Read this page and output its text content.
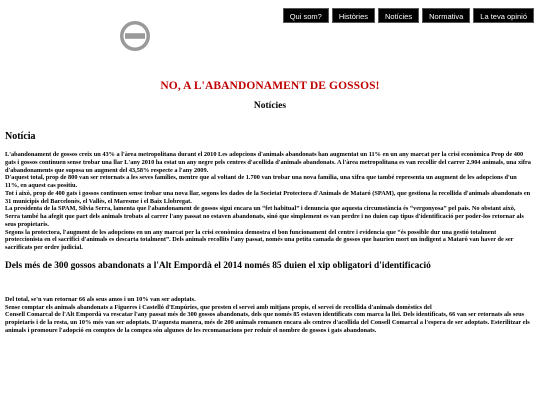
Qui som?	Històries	Notícies	Normativa	La teva opinió
NO, A L'ABANDONAMENT DE GOSSOS!
Notícies
Notícia
L'abandonament de gossos creix un 43% a l'àrea metropolitana durant el 2010 Les adopcions d'animals abandonats han augmentat un 11% en un any marcat per la crisi econòmica Prop de 400 gats i gossos continuen sense trobar una llar L'any 2010 ha estat un any negre pels centres d'acollida d'animals abandonats. A l'àrea metropolitana es van recollir del carrer 2.904 animals, una xifra d'abandonaments que suposa un augment del 43,58% respecte a l'any 2009.
D'aquest total, prop de 800 van ser retornats a les seves famílies, mentre que al voltant de 1.700 van trobar una nova família, una xifra que també representa un augment de les adopcions d'un 11%, en aquest cas positiu.
Tot i això, prop de 400 gats i gossos continuen sense trobar una nova llar, segons les dades de la Societat Protectora d'Animals de Mataró (SPAM), que gestiona la recollida d'animals abandonats en 31 municipis del Barcelonès, el Vallès, el Maresme i el Baix Llobregat.
La presidenta de la SPAM, Sílvia Serra, lamenta que l'abandonament de gossos sigui encara un “fet habitual” i denuncia que aquesta circumstància és “vergonyosa” pel país. No obstant això, Serra també ha afegit que part dels animals trobats al carrer l'any passat no estaven abandonats, sinó que simplement es van perdre i no duien cap tipus d'identificació per poder-los retornar als seus propietaris.
Segons la protectora, l'augment de les adopcions en un any marcat per la crisi econòmica demostra el bon funcionament del centre i evidencia que “és possible dur una gestió totalment proteccionista en el sacrifici d'animals es descarta totalment”. Dels animals recollits l'any passat, només una petita camada de gossos que haurien mort un indigent a Mataró van haver de ser sacrificats per ordre judicial.
Dels més de 300 gossos abandonats a l'Alt Empordà el 2014 només 85 duien el xip obligatori d'identificació
Del total, se'n van retornar 66 als seus amos i un 10% van ser adoptats.
Sense comptar els animals abandonats a Figueres i Castelló d'Empúries, que presten el servei amb mitjans propis, el servei de recollida d'animals domèstics del
Consell Comarcal de l'Alt Empordà va rescatar l'any passat més de 300 gossos abandonats, dels que només 85 estaven identificats com marca la llei. Dels identificats, 66 van ser retornats als seus propietaris i de la resta, un 10% més van ser adoptats. D'aquesta manera, més de 200 animals romanen encara als centres d'acollida del Consell Comarcal a l'espera de ser adoptats. Esterilitzar els animals i promoure l'adopció en comptes de la compra són algunes de les recomanacions per reduir el nombre de gossos i gats abandonats.
